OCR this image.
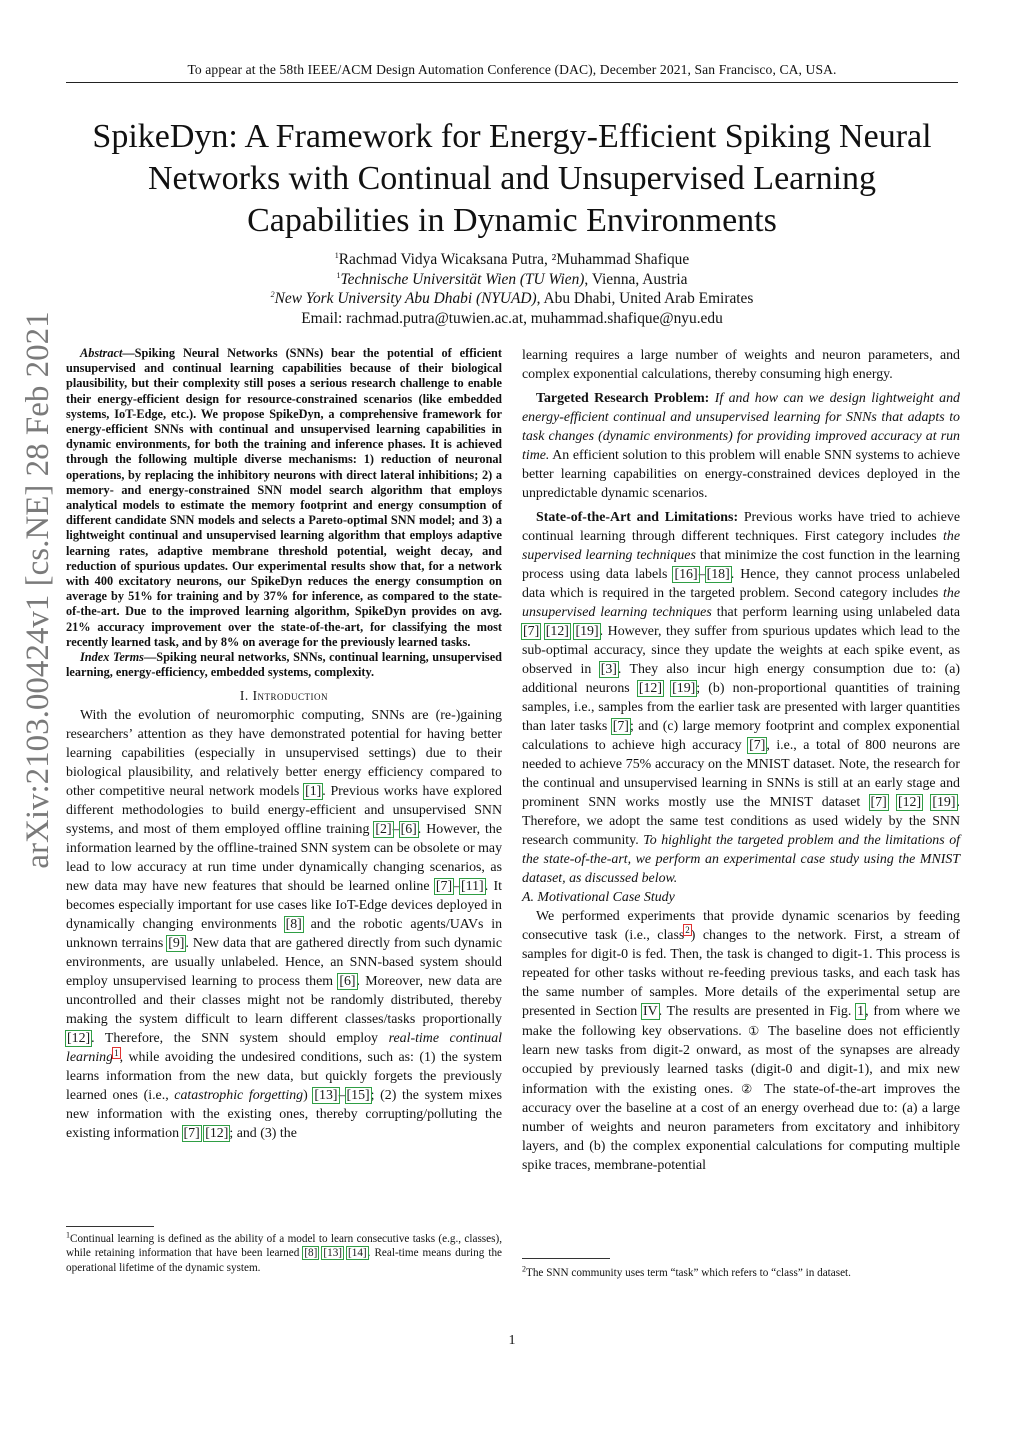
To appear at the 58th IEEE/ACM Design Automation Conference (DAC), December 2021, San Francisco, CA, USA.
SpikeDyn: A Framework for Energy-Efficient Spiking Neural
Networks with Continual and Unsupervised Learning
Capabilities in Dynamic Environments
$^1$Rachmad Vidya Wicaksana Putra, ²Muhammad Shafique
$^1$Technische Universität Wien (TU Wien), Vienna, Austria
$^2$New York University Abu Dhabi (NYUAD), Abu Dhabi, United Arab Emirates
Email: rachmad.putra@tuwien.ac.at, muhammad.shafique@nyu.edu
arXiv:2103.00424v1 [cs.NE] 28 Feb 2021	Abstract—Spiking Neural Networks (SNNs) bear the potential of efficient unsupervised and continual learning capabilities because of their biological plausibility, but their complexity still poses a serious research challenge to enable their energy-efficient design for resource-constrained scenarios (like embedded systems, IoT-Edge, etc.). We propose SpikeDyn, a comprehensive framework for energy-efficient SNNs with continual and unsupervised learning capabilities in dynamic environments, for both the training and inference phases. It is achieved through the following multiple diverse mechanisms: 1) reduction of neuronal operations, by replacing the inhibitory neurons with direct lateral inhibitions; 2) a memory- and energy-constrained SNN model search algorithm that employs analytical models to estimate the memory footprint and energy consumption of different candidate SNN models and selects a Pareto-optimal SNN model; and 3) a lightweight continual and unsupervised learning algorithm that employs adaptive learning rates, adaptive membrane threshold potential, weight decay, and reduction of spurious updates. Our experimental results show that, for a network with 400 excitatory neurons, our SpikeDyn reduces the energy consumption on average by 51% for training and by 37% for inference, as compared to the state-of-the-art. Due to the improved learning algorithm, SpikeDyn provides on avg. 21% accuracy improvement over the state-of-the-art, for classifying the most recently learned task, and by 8% on average for the previously learned tasks.

Index Terms—Spiking neural networks, SNNs, continual learning, unsupervised learning, energy-efficiency, embedded systems, complexity.

I. Introduction

With the evolution of neuromorphic computing, SNNs are (re-)gaining researchers’ attention as they have demonstrated potential for having better learning capabilities (especially in unsupervised settings) due to their biological plausibility, and relatively better energy efficiency compared to other competitive neural network models [1]. Previous works have explored different methodologies to build energy-efficient and unsupervised SNN systems, and most of them employed offline training [2]–[6]. However, the information learned by the offline-trained SNN system can be obsolete or may lead to low accuracy at run time under dynamically changing scenarios, as new data may have new features that should be learned online [7]–[11]. It becomes especially important for use cases like IoT-Edge devices deployed in dynamically changing environments [8] and the robotic agents/UAVs in unknown terrains [9]. New data that are gathered directly from such dynamic environments, are usually unlabeled. Hence, an SNN-based system should employ unsupervised learning to process them [6]. Moreover, new data are uncontrolled and their classes might not be randomly distributed, thereby making the system difficult to learn different classes/tasks proportionally [12]. Therefore, the SNN system should employ real-time continual learning$^1$, while avoiding the undesired conditions, such as: (1) the system learns information from the new data, but quickly forgets the previously learned ones (i.e., catastrophic forgetting) [13]–[15]; (2) the system mixes new information with the existing ones, thereby corrupting/polluting the existing information [7] [12]; and (3) the

$^1$Continual learning is defined as the ability of a model to learn consecutive tasks (e.g., classes), while retaining information that have been learned [8] [13] [14]. Real-time means during the operational lifetime of the dynamic system.

learning requires a large number of weights and neuron parameters, and complex exponential calculations, thereby consuming high energy.

Targeted Research Problem: If and how can we design lightweight and energy-efficient continual and unsupervised learning for SNNs that adapts to task changes (dynamic environments) for providing improved accuracy at run time. An efficient solution to this problem will enable SNN systems to achieve better learning capabilities on energy-constrained devices deployed in the unpredictable dynamic scenarios.

State-of-the-Art and Limitations: Previous works have tried to achieve continual learning through different techniques. First category includes the supervised learning techniques that minimize the cost function in the learning process using data labels [16]–[18]. Hence, they cannot process unlabeled data which is required in the targeted problem. Second category includes the unsupervised learning techniques that perform learning using unlabeled data [7] [12] [19]. However, they suffer from spurious updates which lead to the sub-optimal accuracy, since they update the weights at each spike event, as observed in [3]. They also incur high energy consumption due to: (a) additional neurons [12] [19]; (b) non-proportional quantities of training samples, i.e., samples from the earlier task are presented with larger quantities than later tasks [7]; and (c) large memory footprint and complex exponential calculations to achieve high accuracy [7], i.e., a total of 800 neurons are needed to achieve 75% accuracy on the MNIST dataset. Note, the research for the continual and unsupervised learning in SNNs is still at an early stage and prominent SNN works mostly use the MNIST dataset [7] [12] [19]. Therefore, we adopt the same test conditions as used widely by the SNN research community. To highlight the targeted problem and the limitations of the state-of-the-art, we perform an experimental case study using the MNIST dataset, as discussed below.

A. Motivational Case Study

We performed experiments that provide dynamic scenarios by feeding consecutive task (i.e., class$^2$) changes to the network. First, a stream of samples for digit-0 is fed. Then, the task is changed to digit-1. This process is repeated for other tasks without re-feeding previous tasks, and each task has the same number of samples. More details of the experimental setup are presented in Section IV. The results are presented in Fig. 1, from where we make the following key observations. ① The baseline does not efficiently learn new tasks from digit-2 onward, as most of the synapses are already occupied by previously learned tasks (digit-0 and digit-1), and mix new information with the existing ones. ② The state-of-the-art improves the accuracy over the baseline at a cost of an energy overhead due to: (a) a large number of weights and neuron parameters from excitatory and inhibitory layers, and (b) the complex exponential calculations for computing multiple spike traces, membrane-potential

$^2$The SNN community uses term “task” which refers to “class” in dataset.
1
